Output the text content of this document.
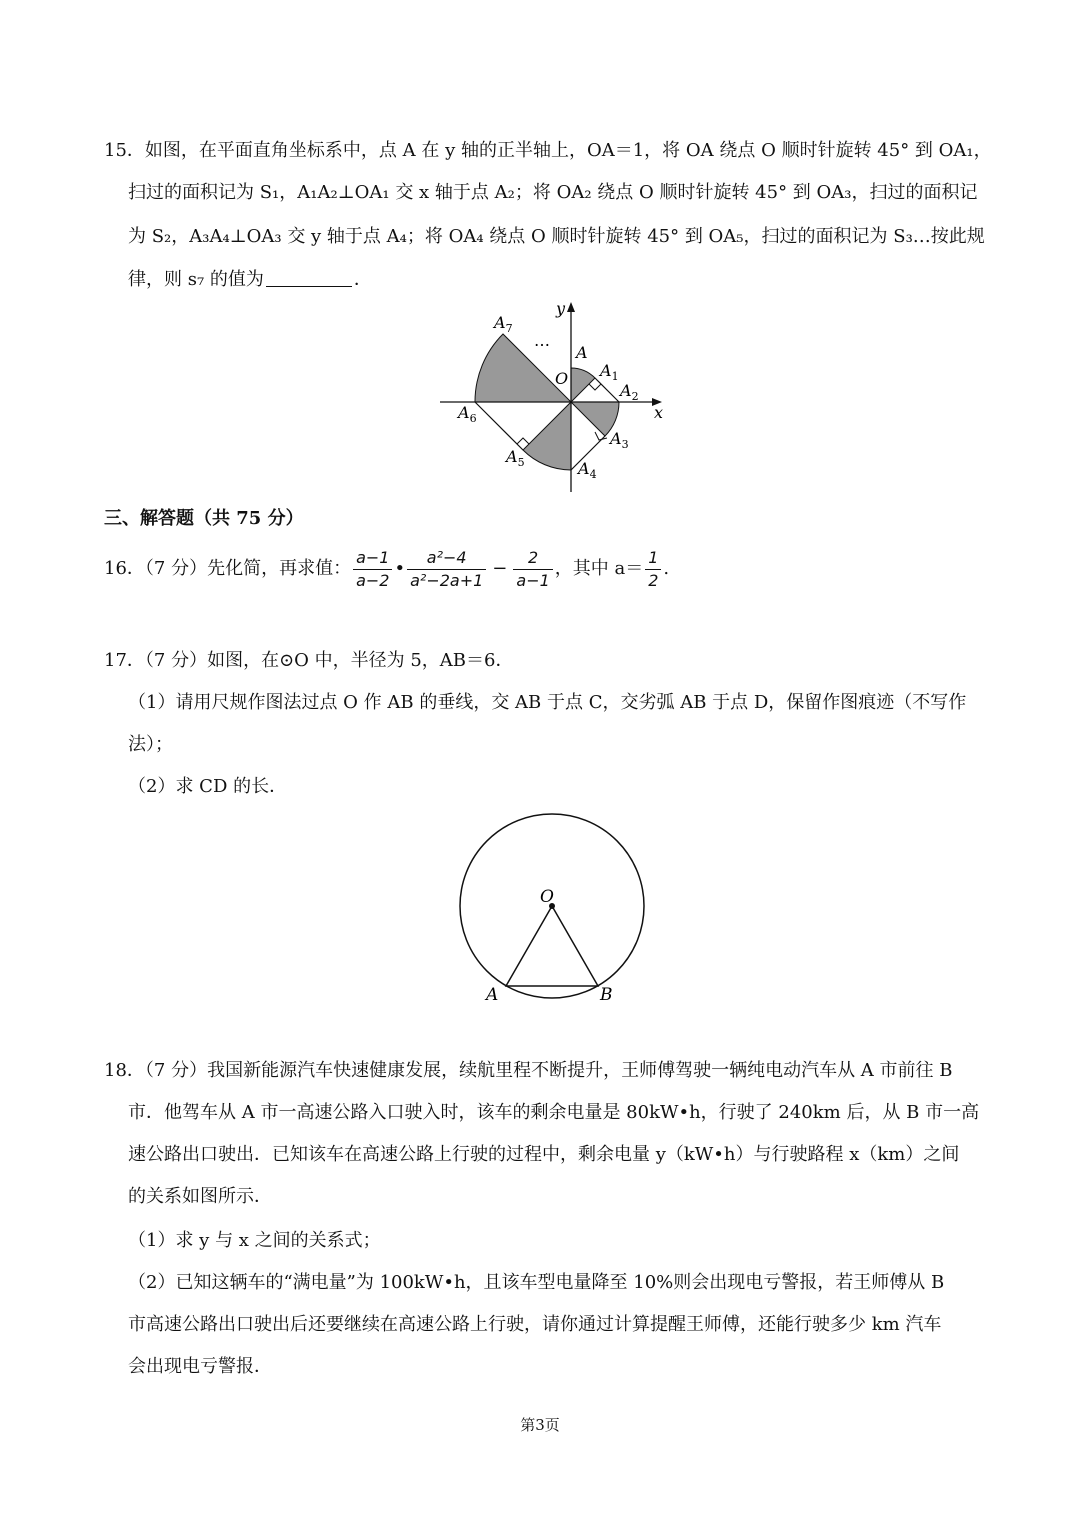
15．如图，在平面直角坐标系中，点 A 在 y 轴的正半轴上，OA＝1，将 OA 绕点 O 顺时针旋转 45° 到 OA₁，
扫过的面积记为 S₁，A₁A₂⊥OA₁ 交 x 轴于点 A₂；将 OA₂ 绕点 O 顺时针旋转 45° 到 OA₃，扫过的面积记
为 S₂，A₃A₄⊥OA₃ 交 y 轴于点 A₄；将 OA₄ 绕点 O 顺时针旋转 45° 到 OA₅，扫过的面积记为 S₃…按此规
律，则 s₇ 的值为	．
y
x
O
A
…
$A_1$
$A_2$
$A_3$
$A_4$
$A_5$
$A_6$
$A_7$
三、解答题（共 75 分）
16．（7 分）先化简，再求值： $\frac{a-1}{a-2}$ • $\frac{\text{a²−4}}{\text{a²−2a+1}} - \frac{2}{a-1}$ ，其中 $a= \frac{1}{2}$ .
17．（7 分）如图，在⊙O 中，半径为 5，AB＝6．
（1）请用尺规作图法过点 O 作 AB 的垂线，交 AB 于点 C，交劣弧 AB 于点 D，保留作图痕迹（不写作
法）；
（2）求 CD 的长．
O
A	B
18．（7 分）我国新能源汽车快速健康发展，续航里程不断提升，王师傅驾驶一辆纯电动汽车从 A 市前往 B
市．他驾车从 A 市一高速公路入口驶入时，该车的剩余电量是 80kW•h，行驶了 240km 后，从 B 市一高
速公路出口驶出．已知该车在高速公路上行驶的过程中，剩余电量 y（kW•h）与行驶路程 x（km）之间
的关系如图所示．
（1）求 y 与 x 之间的关系式；
（2）已知这辆车的“满电量”为 100kW•h，且该车型电量降至 10%则会出现电亏警报，若王师傅从 B
市高速公路出口驶出后还要继续在高速公路上行驶，请你通过计算提醒王师傅，还能行驶多少 km 汽车
会出现电亏警报．
第3页
